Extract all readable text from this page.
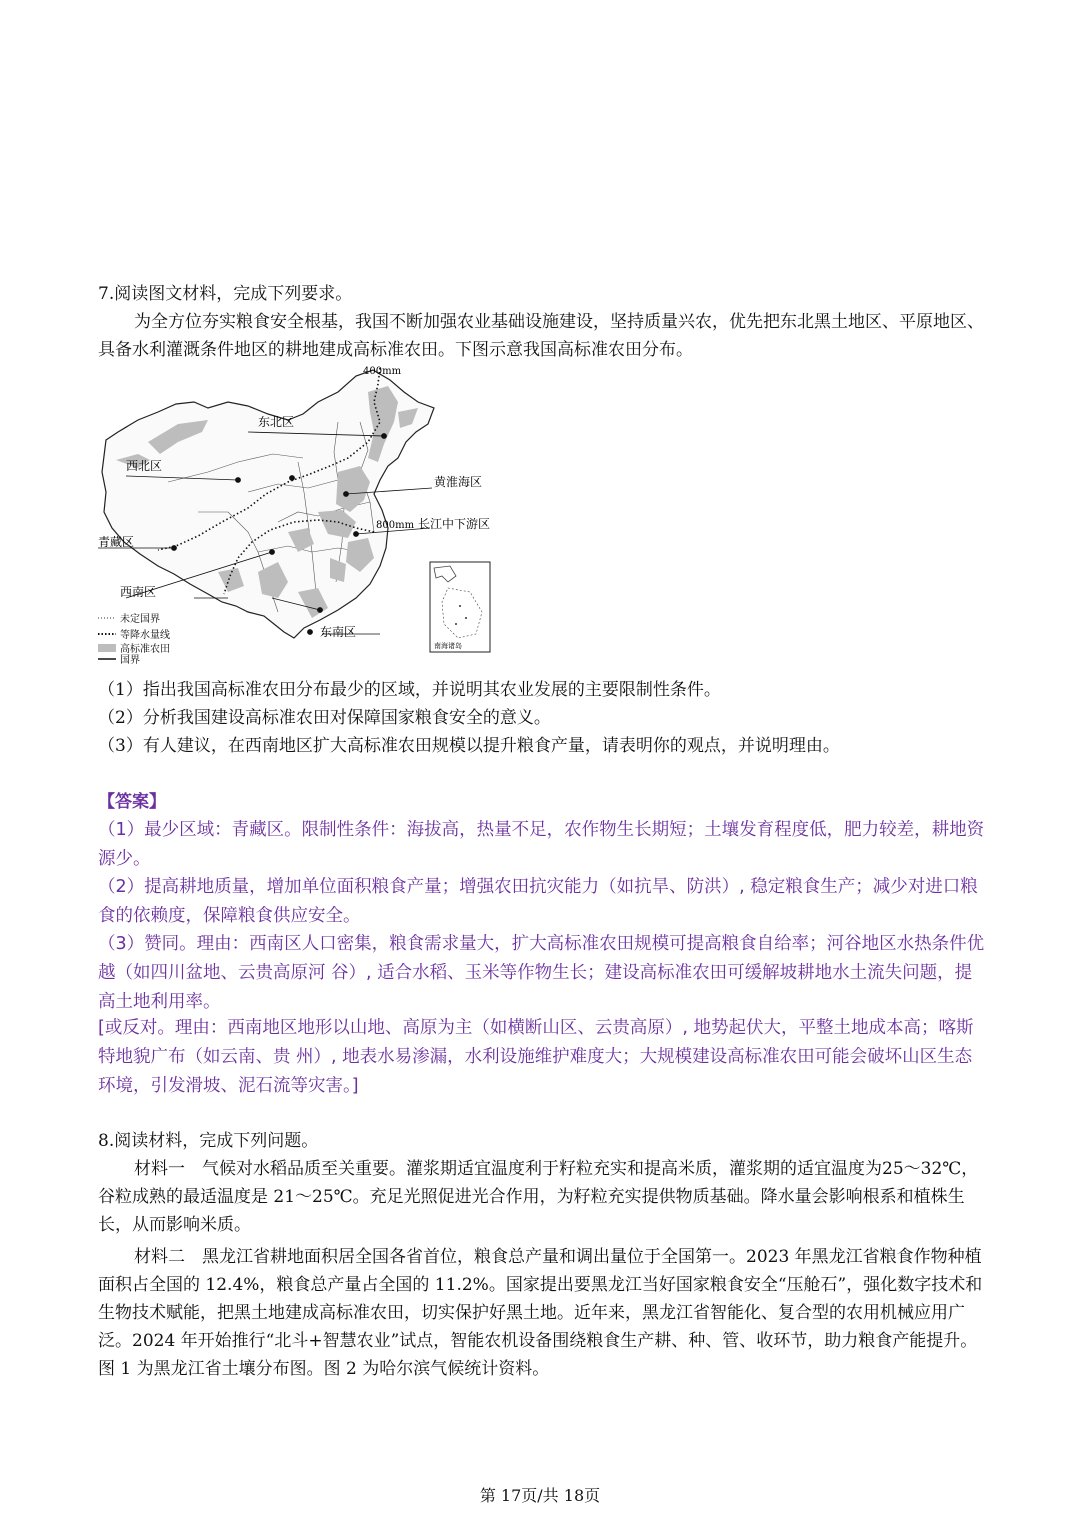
7.阅读图文材料，完成下列要求。

为全方位夯实粮食安全根基，我国不断加强农业基础设施建设，坚持质量兴农，优先把东北黑土地区、平原地区、具备水利灌溉条件地区的耕地建成高标准农田。下图示意我国高标准农田分布。

400mm
800mm
东北区
西北区
黄淮海区
长江中下游区
青藏区
西南区
东南区
南海诸岛
未定国界
等降水量线
高标准农田
国界

（1）指出我国高标准农田分布最少的区域，并说明其农业发展的主要限制性条件。

（2）分析我国建设高标准农田对保障国家粮食安全的意义。

（3）有人建议，在西南地区扩大高标准农田规模以提升粮食产量，请表明你的观点，并说明理由。

【答案】

（1）最少区域：青藏区。限制性条件：海拔高，热量不足，农作物生长期短；土壤发育程度低，肥力较差，耕地资源少。

（2）提高耕地质量，增加单位面积粮食产量；增强农田抗灾能力（如抗旱、防洪）, 稳定粮食生产；减少对进口粮食的依赖度，保障粮食供应安全。

（3）赞同。理由：西南区人口密集，粮食需求量大，扩大高标准农田规模可提高粮食自给率；河谷地区水热条件优越（如四川盆地、云贵高原河 谷）, 适合水稻、玉米等作物生长；建设高标准农田可缓解坡耕地水土流失问题，提高土地利用率。

[或反对。理由：西南地区地形以山地、高原为主（如横断山区、云贵高原）, 地势起伏大，平整土地成本高；喀斯特地貌广布（如云南、贵 州）, 地表水易渗漏，水利设施维护难度大；大规模建设高标准农田可能会破坏山区生态环境，引发滑坡、泥石流等灾害。]

8.阅读材料，完成下列问题。

材料一　气候对水稻品质至关重要。灌浆期适宜温度利于籽粒充实和提高米质，灌浆期的适宜温度为25～32℃，谷粒成熟的最适温度是 21～25℃。充足光照促进光合作用，为籽粒充实提供物质基础。降水量会影响根系和植株生长，从而影响米质。

材料二　黑龙江省耕地面积居全国各省首位，粮食总产量和调出量位于全国第一。2023 年黑龙江省粮食作物种植面积占全国的 12.4%，粮食总产量占全国的 11.2%。国家提出要黑龙江当好国家粮食安全“压舱石”，强化数字技术和生物技术赋能，把黑土地建成高标准农田，切实保护好黑土地。近年来，黑龙江省智能化、复合型的农用机械应用广泛。2024 年开始推行“北斗+智慧农业”试点，智能农机设备围绕粮食生产耕、种、管、收环节，助力粮食产能提升。图 1 为黑龙江省土壤分布图。图 2 为哈尔滨气候统计资料。

第 17页/共 18页
